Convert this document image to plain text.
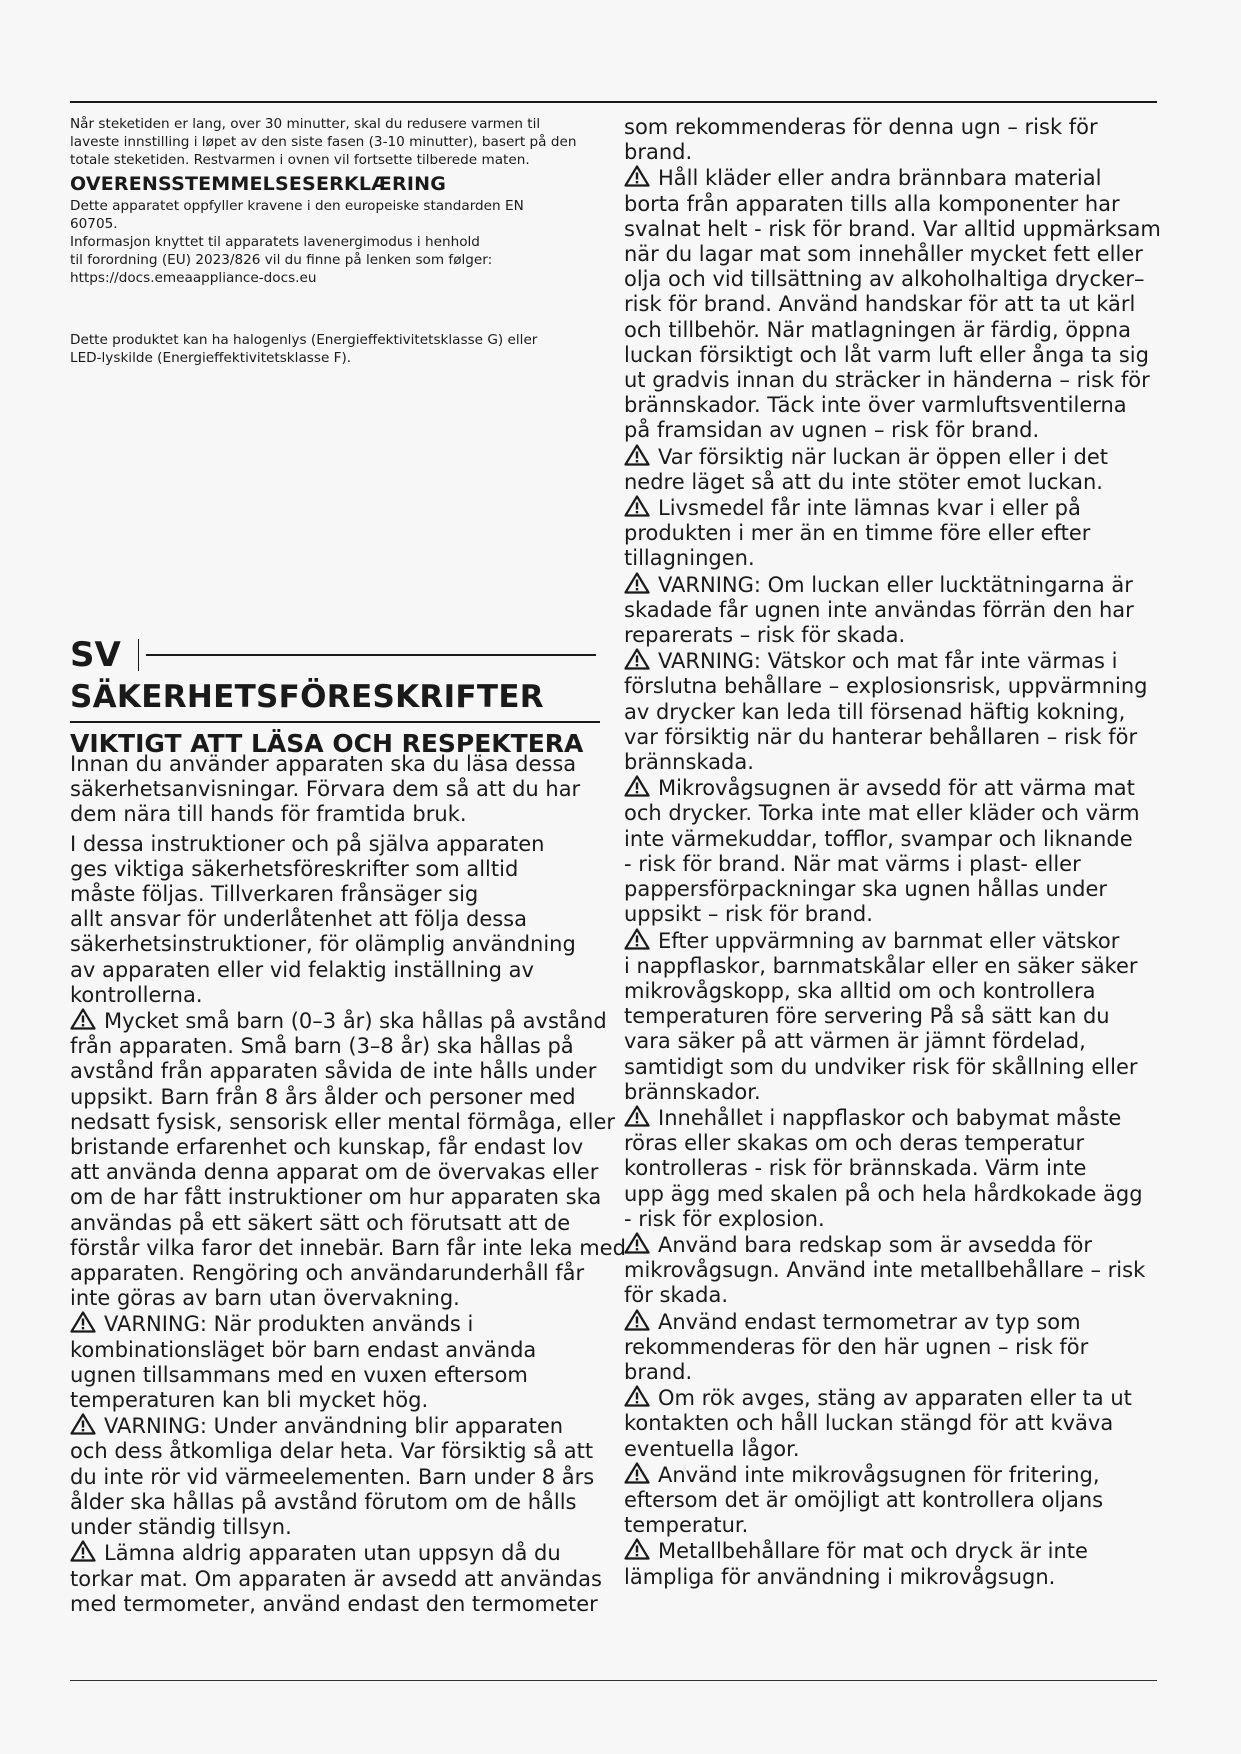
Når steketiden er lang, over 30 minutter, skal du redusere varmen til

laveste innstilling i løpet av den siste fasen (3-10 minutter), basert på den

totale steketiden. Restvarmen i ovnen vil fortsette tilberede maten.

OVERENSSTEMMELSESERKLÆRING

Dette apparatet oppfyller kravene i den europeiske standarden EN

60705.

Informasjon knyttet til apparatets lavenergimodus i henhold

til forordning (EU) 2023/826 vil du finne på lenken som følger:

https://docs.emeaappliance-docs.eu

Dette produktet kan ha halogenlys (Energieffektivitetsklasse G) eller

LED-lyskilde (Energieffektivitetsklasse F).

SV
SÄKERHETSFÖRESKRIFTER
VIKTIGT ATT LÄSA OCH RESPEKTERA

Innan du använder apparaten ska du läsa dessa

säkerhetsanvisningar. Förvara dem så att du har

dem nära till hands för framtida bruk.

I dessa instruktioner och på själva apparaten

ges viktiga säkerhetsföreskrifter som alltid

måste följas. Tillverkaren frånsäger sig

allt ansvar för underlåtenhet att följa dessa

säkerhetsinstruktioner, för olämplig användning

av apparaten eller vid felaktig inställning av

kontrollerna.

Mycket små barn (0–3 år) ska hållas på avstånd

från apparaten. Små barn (3–8 år) ska hållas på

avstånd från apparaten såvida de inte hålls under

uppsikt. Barn från 8 års ålder och personer med

nedsatt fysisk, sensorisk eller mental förmåga, eller

bristande erfarenhet och kunskap, får endast lov

att använda denna apparat om de övervakas eller

om de har fått instruktioner om hur apparaten ska

användas på ett säkert sätt och förutsatt att de

förstår vilka faror det innebär. Barn får inte leka med

apparaten. Rengöring och användarunderhåll får

inte göras av barn utan övervakning.

VARNING: När produkten används i

kombinationsläget bör barn endast använda

ugnen tillsammans med en vuxen eftersom

temperaturen kan bli mycket hög.

VARNING: Under användning blir apparaten

och dess åtkomliga delar heta. Var försiktig så att

du inte rör vid värmeelementen. Barn under 8 års

ålder ska hållas på avstånd förutom om de hålls

under ständig tillsyn.

Lämna aldrig apparaten utan uppsyn då du

torkar mat. Om apparaten är avsedd att användas

med termometer, använd endast den termometer

som rekommenderas för denna ugn – risk för

brand.

Håll kläder eller andra brännbara material

borta från apparaten tills alla komponenter har

svalnat helt - risk för brand. Var alltid uppmärksam

när du lagar mat som innehåller mycket fett eller

olja och vid tillsättning av alkoholhaltiga drycker–

risk för brand. Använd handskar för att ta ut kärl

och tillbehör. När matlagningen är färdig, öppna

luckan försiktigt och låt varm luft eller ånga ta sig

ut gradvis innan du sträcker in händerna – risk för

brännskador. Täck inte över varmluftsventilerna

på framsidan av ugnen – risk för brand.

Var försiktig när luckan är öppen eller i det

nedre läget så att du inte stöter emot luckan.

Livsmedel får inte lämnas kvar i eller på

produkten i mer än en timme före eller efter

tillagningen.

VARNING: Om luckan eller lucktätningarna är

skadade får ugnen inte användas förrän den har

reparerats – risk för skada.

VARNING: Vätskor och mat får inte värmas i

förslutna behållare – explosionsrisk, uppvärmning

av drycker kan leda till försenad häftig kokning,

var försiktig när du hanterar behållaren – risk för

brännskada.

Mikrovågsugnen är avsedd för att värma mat

och drycker. Torka inte mat eller kläder och värm

inte värmekuddar, tofflor, svampar och liknande

- risk för brand. När mat värms i plast- eller

pappersförpackningar ska ugnen hållas under

uppsikt – risk för brand.

Efter uppvärmning av barnmat eller vätskor

i nappflaskor, barnmatskålar eller en säker säker

mikrovågskopp, ska alltid om och kontrollera

temperaturen före servering På så sätt kan du

vara säker på att värmen är jämnt fördelad,

samtidigt som du undviker risk för skållning eller

brännskador.

Innehållet i nappflaskor och babymat måste

röras eller skakas om och deras temperatur

kontrolleras - risk för brännskada. Värm inte

upp ägg med skalen på och hela hårdkokade ägg

- risk för explosion.

Använd bara redskap som är avsedda för

mikrovågsugn. Använd inte metallbehållare – risk

för skada.

Använd endast termometrar av typ som

rekommenderas för den här ugnen – risk för

brand.

Om rök avges, stäng av apparaten eller ta ut

kontakten och håll luckan stängd för att kväva

eventuella lågor.

Använd inte mikrovågsugnen för fritering,

eftersom det är omöjligt att kontrollera oljans

temperatur.

Metallbehållare för mat och dryck är inte

lämpliga för användning i mikrovågsugn.
